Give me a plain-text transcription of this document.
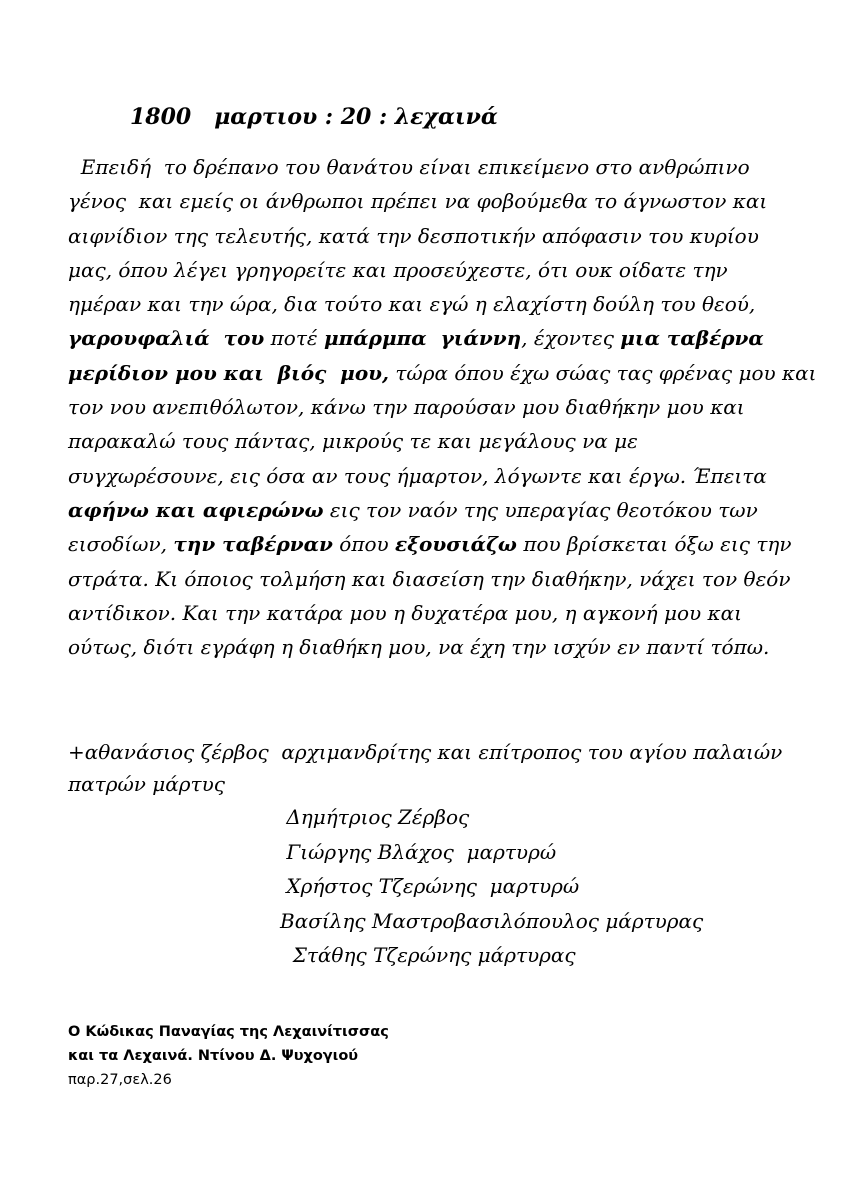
1800   μαρτιου : 20 : λεχαινά
Επειδή  το δρέπανο του θανάτου είναι επικείμενο στο ανθρώπινο
γένος  και εμείς οι άνθρωποι πρέπει να φοβούμεθα το άγνωστον και
αιφνίδιον της τελευτής, κατά την δεσποτικήν απόφασιν του κυρίου
μας, όπου λέγει γρηγορείτε και προσεύχεστε, ότι ουκ οίδατε την
ημέραν και την ώρα, δια τούτο και εγώ η ελαχίστη δούλη του θεού,
γαρουφαλιά  του ποτέ μπάρμπα  γιάννη, έχοντες μια ταβέρνα
μερίδιον μου και  βιός  μου, τώρα όπου έχω σώας τας φρένας μου και
τον νου ανεπιθόλωτον, κάνω την παρούσαν μου διαθήκην μου και
παρακαλώ τους πάντας, μικρούς τε και μεγάλους να με
συγχωρέσουνε, εις όσα αν τους ήμαρτον, λόγωντε και έργω. Έπειτα
αφήνω και αφιερώνω εις τον ναόν της υπεραγίας θεοτόκου των
εισοδίων, την ταβέρναν όπου εξουσιάζω που βρίσκεται όξω εις την
στράτα. Κι όποιος τολμήση και διασείση την διαθήκην, νάχει τον θεόν
αντίδικον. Και την κατάρα μου η δυχατέρα μου, η αγκονή μου και
ούτως, διότι εγράφη η διαθήκη μου, να έχη την ισχύν εν παντί τόπω.
+αθανάσιος ζέρβος  αρχιμανδρίτης και επίτροπος του αγίου παλαιών
πατρών μάρτυς
Δημήτριος Ζέρβος
Γιώργης Βλάχος  μαρτυρώ
Χρήστος Τζερώνης  μαρτυρώ
Βασίλης Μαστροβασιλόπουλος μάρτυρας
Στάθης Τζερώνης μάρτυρας
Ο Κώδικας Παναγίας της Λεχαινίτισσας
και τα Λεχαινά. Ντίνου Δ. Ψυχογιού
παρ.27,σελ.26
